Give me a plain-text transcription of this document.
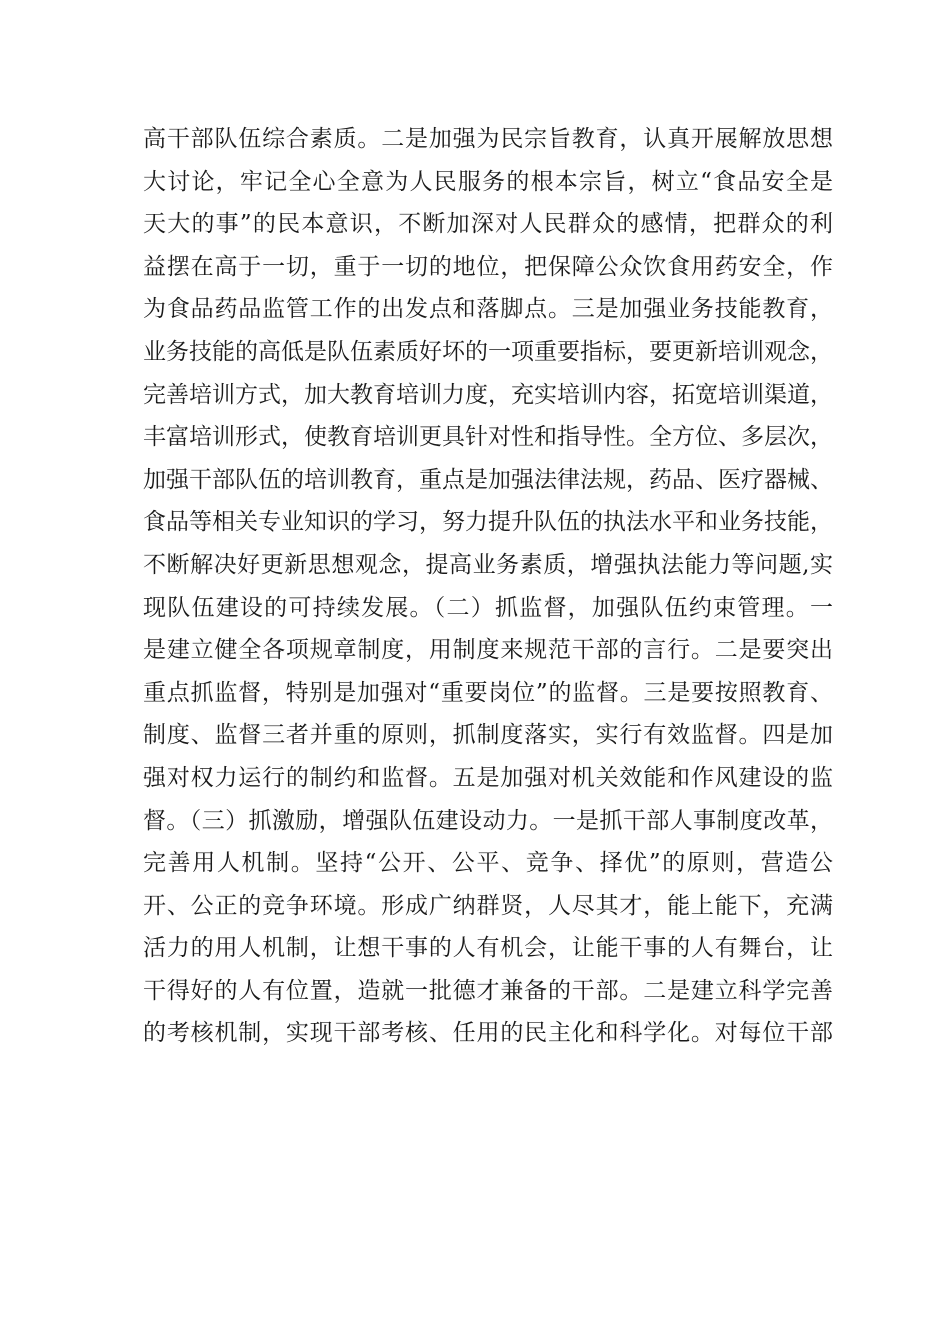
高干部队伍综合素质。二是加强为民宗旨教育，认真开展解放思想
大讨论，牢记全心全意为人民服务的根本宗旨，树立“食品安全是
天大的事”的民本意识，不断加深对人民群众的感情，把群众的利
益摆在高于一切，重于一切的地位，把保障公众饮食用药安全，作
为食品药品监管工作的出发点和落脚点。三是加强业务技能教育，
业务技能的高低是队伍素质好坏的一项重要指标，要更新培训观念，
完善培训方式，加大教育培训力度，充实培训内容，拓宽培训渠道，
丰富培训形式，使教育培训更具针对性和指导性。全方位、多层次，
加强干部队伍的培训教育，重点是加强法律法规，药品、医疗器械、
食品等相关专业知识的学习，努力提升队伍的执法水平和业务技能，
不断解决好更新思想观念，提高业务素质，增强执法能力等问题,实
现队伍建设的可持续发展。（二）抓监督，加强队伍约束管理。一
是建立健全各项规章制度，用制度来规范干部的言行。二是要突出
重点抓监督，特别是加强对“重要岗位”的监督。三是要按照教育、
制度、监督三者并重的原则，抓制度落实，实行有效监督。四是加
强对权力运行的制约和监督。五是加强对机关效能和作风建设的监
督。（三）抓激励，增强队伍建设动力。一是抓干部人事制度改革，
完善用人机制。坚持“公开、公平、竞争、择优”的原则，营造公
开、公正的竞争环境。形成广纳群贤，人尽其才，能上能下，充满
活力的用人机制，让想干事的人有机会，让能干事的人有舞台，让
干得好的人有位置，造就一批德才兼备的干部。二是建立科学完善
的考核机制，实现干部考核、任用的民主化和科学化。对每位干部
